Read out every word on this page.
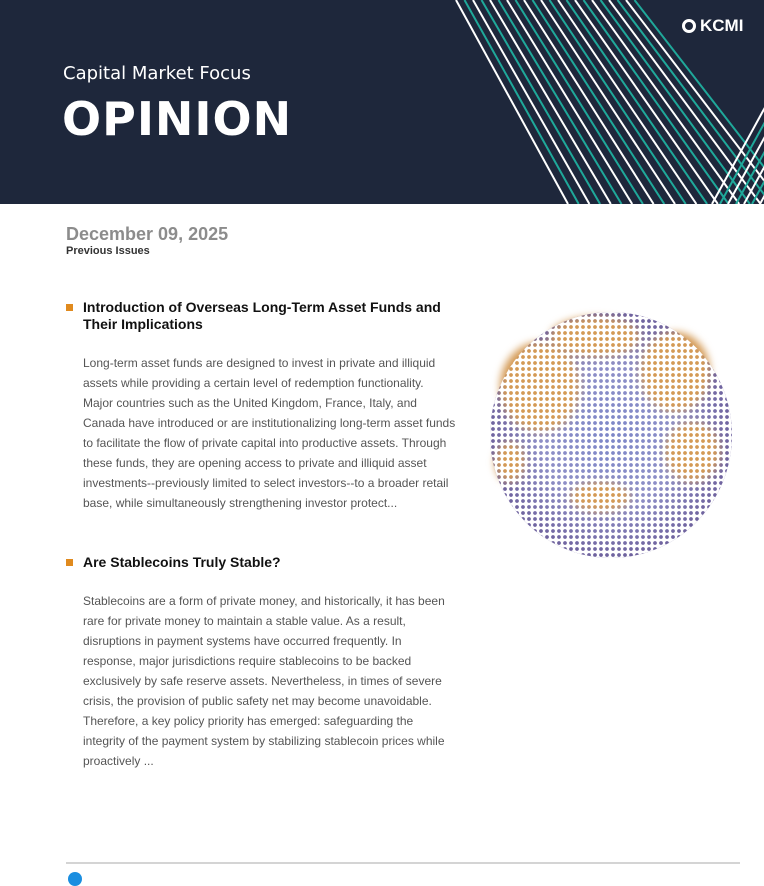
Capital Market Focus
OPINION
KCMI
December 09, 2025
Previous Issues
Introduction of Overseas Long-Term Asset Funds and Their Implications

Long-term asset funds are designed to invest in private and illiquid assets while providing a certain level of redemption functionality. Major countries such as the United Kingdom, France, Italy, and Canada have introduced or are institutionalizing long-term asset funds to facilitate the flow of private capital into productive assets. Through these funds, they are opening access to private and illiquid asset investments--previously limited to select investors--to a broader retail base, while simultaneously strengthening investor protect...

Are Stablecoins Truly Stable?

Stablecoins are a form of private money, and historically, it has been rare for private money to maintain a stable value. As a result, disruptions in payment systems have occurred frequently. In response, major jurisdictions require stablecoins to be backed exclusively by safe reserve assets. Nevertheless, in times of severe crisis, the provision of public safety net may become unavoidable. Therefore, a key policy priority has emerged: safeguarding the integrity of the payment system by stabilizing stablecoin prices while proactively ...
